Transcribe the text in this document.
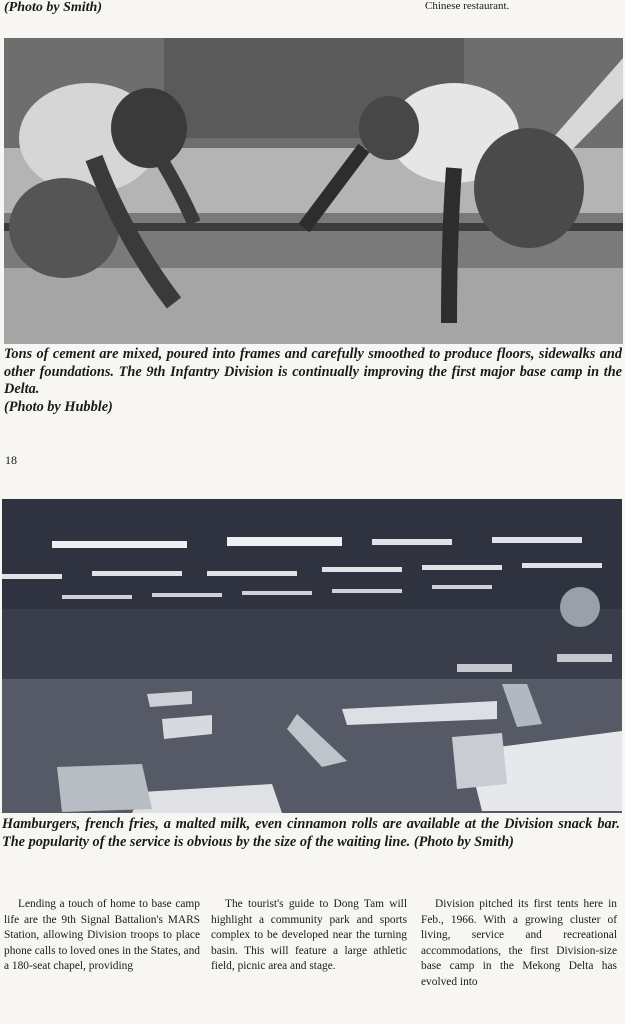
(Photo by Smith)	Chinese restaurant.
Tons of cement are mixed, poured into frames and carefully smoothed to produce floors, sidewalks and other foundations. The 9th Infantry Division is continually improving the first major base camp in the Delta.
(Photo by Hubble)
18
Hamburgers, french fries, a malted milk, even cinnamon rolls are available at the Division snack bar. The popularity of the service is obvious by the size of the waiting line. (Photo by Smith)
Lending a touch of home to base camp life are the 9th Signal Battalion's MARS Station, allowing Division troops to place phone calls to loved ones in the States, and a 180-seat chapel, providing
The tourist's guide to Dong Tam will highlight a community park and sports complex to be developed near the turning basin. This will feature a large athletic field, picnic area and stage.
Division pitched its first tents here in Feb., 1966. With a growing cluster of living, service and recreational accommodations, the first Division-size base camp in the Mekong Delta has evolved into
